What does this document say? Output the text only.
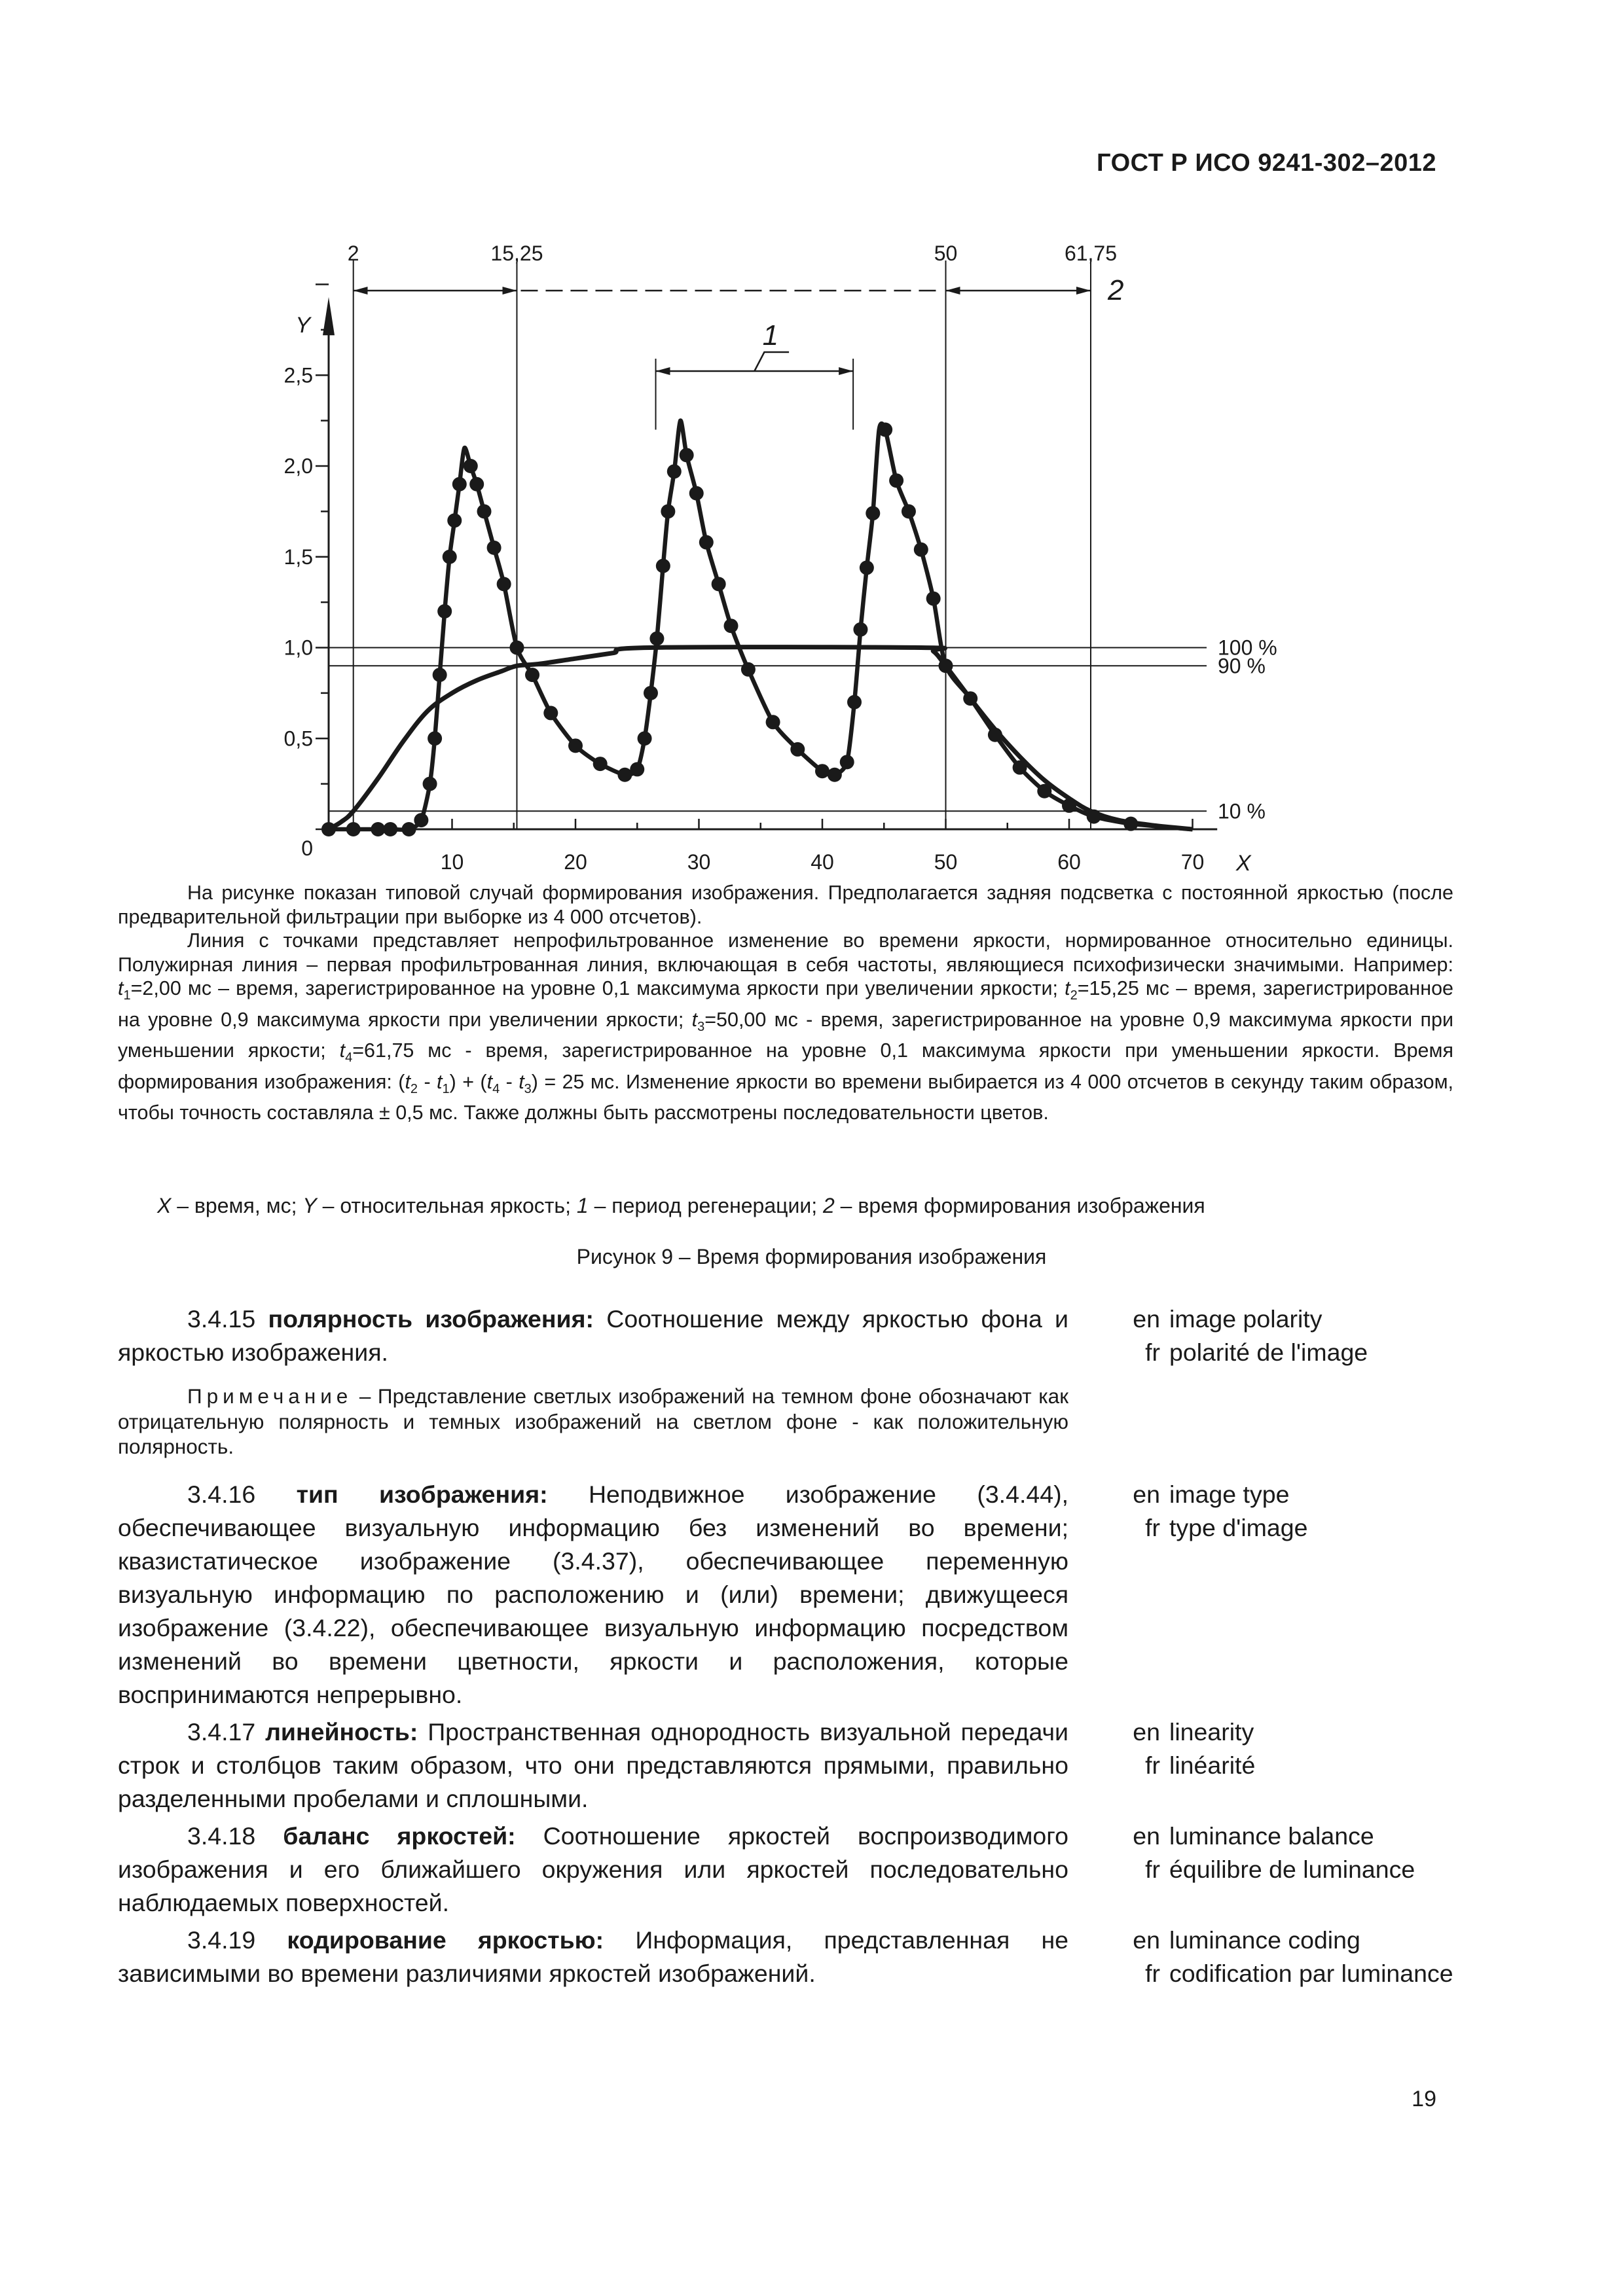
ГОСТ Р ИСО 9241-302–2012
2	15,25	50	61,75
2
1
Y
X
2,5
2,0
1,5
1,0
0,5
0
10	20	30	40	50	60	70
100 %
90 %
10 %

На рисунке показан типовой случай формирования изображения. Предполагается задняя подсветка с постоянной яркостью (после предварительной фильтрации при выборке из 4 000 отсчетов).

Линия с точками представляет непрофильтрованное изменение во времени яркости, нормированное относительно единицы. Полужирная линия – первая профильтрованная линия, включающая в себя частоты, являющиеся психофизически значимыми. Например: $t_1=2,00$ мс – время, зарегистрированное на уровне 0,1 максимума яркости при увеличении яркости; $t_2=15,25$ мс – время, зарегистрированное на уровне 0,9 максимума яркости при увеличении яркости; $t_3=50,00$ мс - время, зарегистрированное на уровне 0,9 максимума яркости при уменьшении яркости; $t_4=61,75$ мс - время, зарегистрированное на уровне 0,1 максимума яркости при уменьшении яркости. Время формирования изображения: $(t_2 - t_1) + (t_4 - t_3) = 25$ мс. Изменение яркости во времени выбирается из 4 000 отсчетов в секунду таким образом, чтобы точность составляла ± 0,5 мс. Также должны быть рассмотрены последовательности цветов.

X – время, мс; Y – относительная яркость; 1 – период регенерации; 2 – время формирования изображения
Рисунок 9 – Время формирования изображения
3.4.15 полярность изображения: Соотношение между яркостью фона и яркостью изображения.
en image polarity
fr polarité de l'image
Примечание – Представление светлых изображений на темном фоне обозначают как отрицательную полярность и темных изображений на светлом фоне - как положительную полярность.
3.4.16 тип изображения: Неподвижное изображение (3.4.44), обеспечивающее визуальную информацию без изменений во времени; квазистатическое изображение (3.4.37), обеспечивающее переменную визуальную информацию по расположению и (или) времени; движущееся изображение (3.4.22), обеспечивающее визуальную информацию посредством изменений во времени цветности, яркости и расположения, которые воспринимаются непрерывно.
en image type
fr type d'image
3.4.17 линейность: Пространственная однородность визуальной передачи строк и столбцов таким образом, что они представляются прямыми, правильно разделенными пробелами и сплошными.
en linearity
fr linéarité
3.4.18 баланс яркостей: Соотношение яркостей воспроизводимого изображения и его ближайшего окружения или яркостей последовательно наблюдаемых поверхностей.
en luminance balance
fr équilibre de luminance
3.4.19 кодирование яркостью: Информация, представленная не зависимыми во времени различиями яркостей изображений.
en luminance coding
fr codification par luminance
19
